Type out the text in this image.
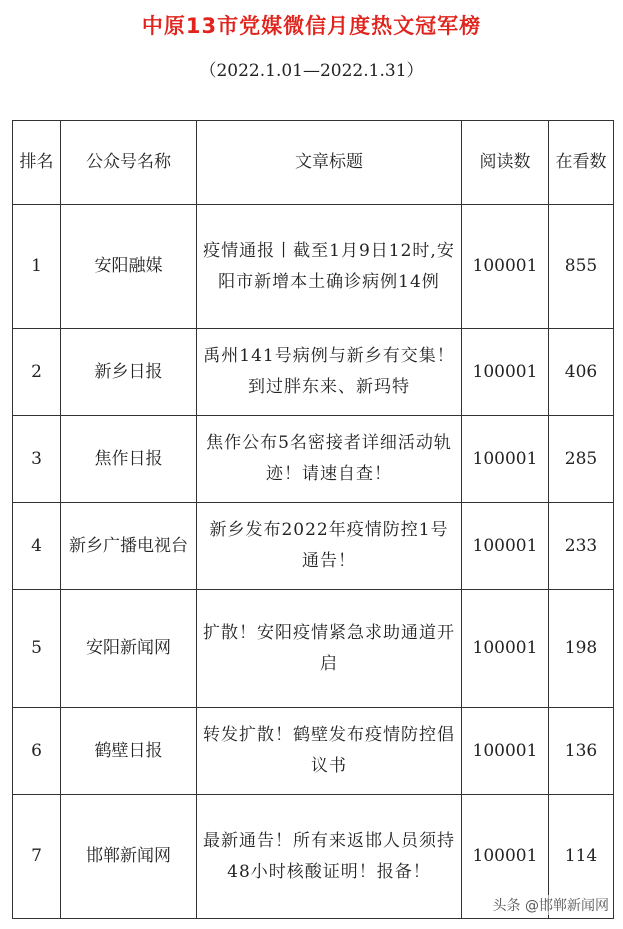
中原13市党媒微信月度热文冠军榜
（2022.1.01—2022.1.31）
排名	公众号名称	文章标题	阅读数	在看数
1	安阳融媒	疫情通报丨截至1月9日12时,安阳市新增本土确诊病例14例	100001	855
2	新乡日报	禹州141号病例与新乡有交集！到过胖东来、新玛特	100001	406
3	焦作日报	焦作公布5名密接者详细活动轨迹！请速自查！	100001	285
4	新乡广播电视台	新乡发布2022年疫情防控1号通告！	100001	233
5	安阳新闻网	扩散！安阳疫情紧急求助通道开启	100001	198
6	鹤壁日报	转发扩散！鹤壁发布疫情防控倡议书	100001	136
7	邯郸新闻网	最新通告！所有来返邯人员须持48小时核酸证明！报备！	100001	114
头条 @邯郸新闻网
